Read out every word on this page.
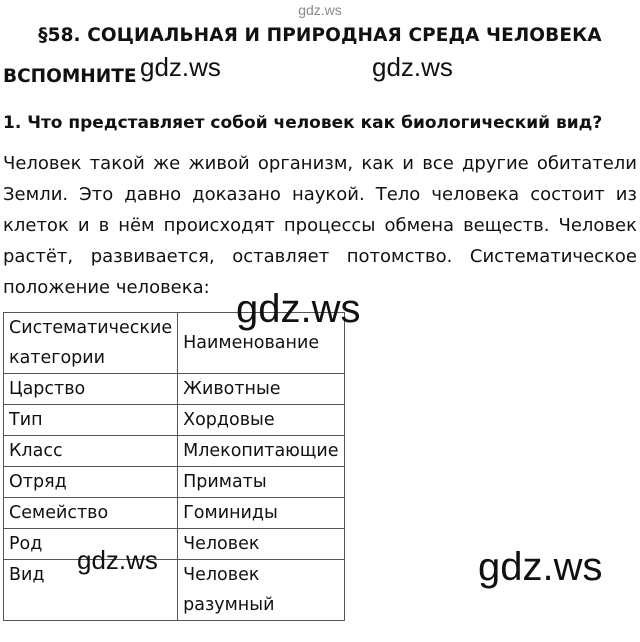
gdz.ws
§58. СОЦИАЛЬНАЯ И ПРИРОДНАЯ СРЕДА ЧЕЛОВЕКА
ВСПОМНИТЕ gdz.ws	gdz.ws
1. Что представляет собой человек как биологический вид?
Человек такой же живой организм, как и все другие обитатели Земли. Это давно доказано наукой. Тело человека состоит из клеток и в нём происходят процессы обмена веществ. Человек растёт, развивается, оставляет потомство. Систематическое положение человека:
Систематические категории	Наименование
Царство	Животные
Тип	Хордовые
Класс	Млекопитающие
Отряд	Приматы
Семейство	Гоминиды
Род	Человек
Вид	Человек разумный
gdz.ws
gdz.ws	gdz.ws
